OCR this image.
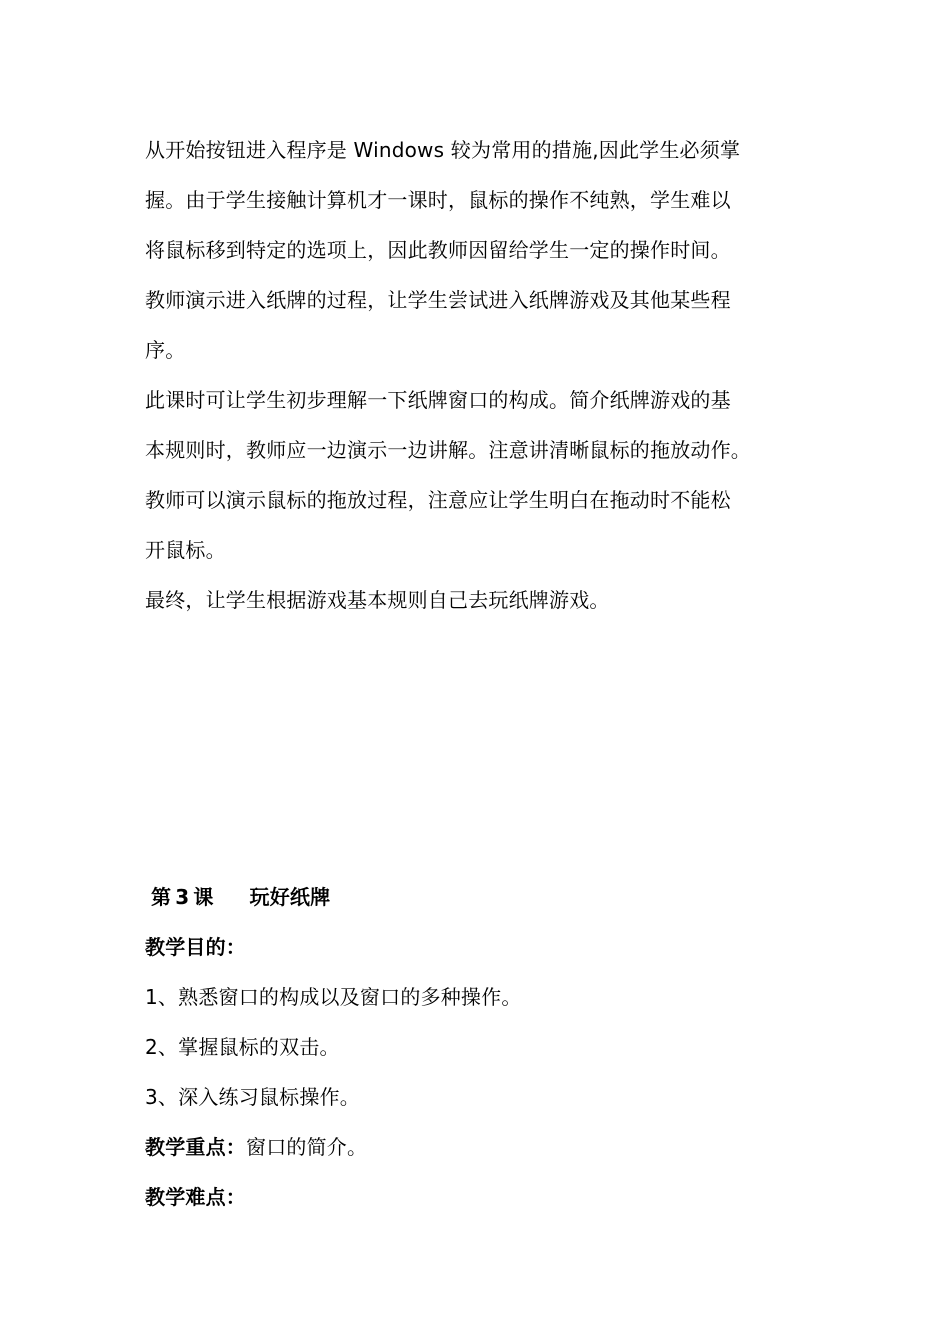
从开始按钮进入程序是 Windows 较为常用的措施,因此学生必须掌
握。由于学生接触计算机才一课时，鼠标的操作不纯熟，学生难以
将鼠标移到特定的选项上，因此教师因留给学生一定的操作时间。
教师演示进入纸牌的过程，让学生尝试进入纸牌游戏及其他某些程
序。
此课时可让学生初步理解一下纸牌窗口的构成。简介纸牌游戏的基
本规则时，教师应一边演示一边讲解。注意讲清晰鼠标的拖放动作。
教师可以演示鼠标的拖放过程，注意应让学生明白在拖动时不能松
开鼠标。
最终，让学生根据游戏基本规则自己去玩纸牌游戏。
第 3 课 玩好纸牌
教学目的：
1、熟悉窗口的构成以及窗口的多种操作。
2、掌握鼠标的双击。
3、深入练习鼠标操作。
教学重点：窗口的简介。
教学难点：
